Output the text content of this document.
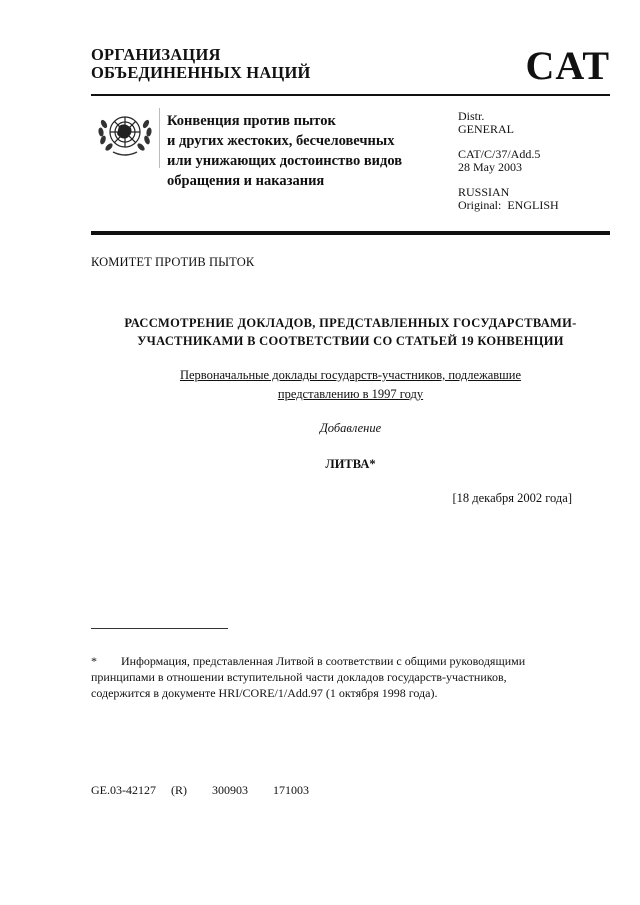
ОРГАНИЗАЦИЯ
ОБЪЕДИНЕННЫХ НАЦИЙ	CAT
Конвенция против пыток
и других жестоких, бесчеловечных
или унижающих достоинство видов
обращения и наказания
Distr.
GENERAL
CAT/C/37/Add.5
28 May 2003
RUSSIAN
Original:  ENGLISH
КОМИТЕТ ПРОТИВ ПЫТОК
РАССМОТРЕНИЕ ДОКЛАДОВ, ПРЕДСТАВЛЕННЫХ ГОСУДАРСТВАМИ-
УЧАСТНИКАМИ В СООТВЕТСТВИИ СО СТАТЬЕЙ 19 КОНВЕНЦИИ
Первоначальные доклады государств-участников, подлежавшие
представлению в 1997 году
Добавление
ЛИТВА*
[18 декабря 2002 года]
* Информация, представленная Литвой в соответствии с общими руководящими
принципами в отношении вступительной части докладов государств-участников,
содержится в документе HRI/CORE/1/Add.97 (1 октября 1998 года).
GE.03-42127   (R)     300903     171003
